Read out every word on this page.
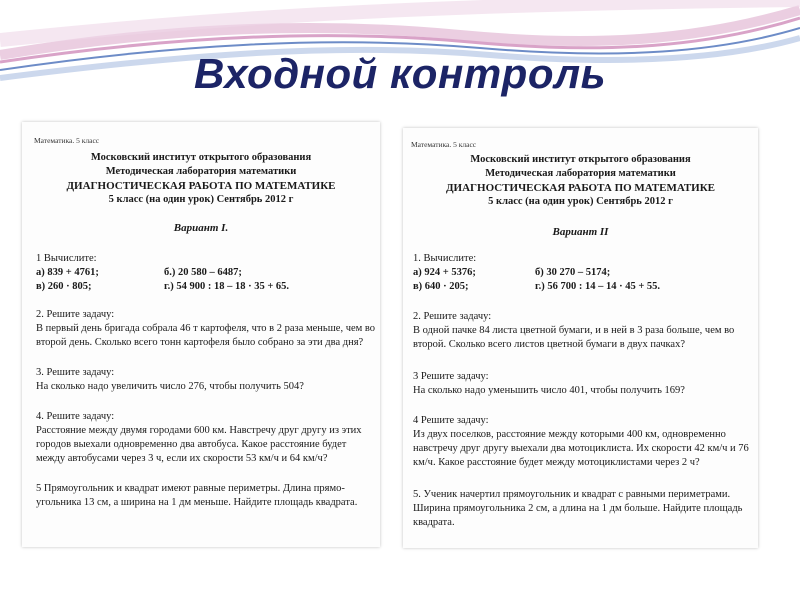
Входной контроль
Математика. 5 класс
Московский институт открытого образования
Методическая лаборатория математики
ДИАГНОСТИЧЕСКАЯ РАБОТА ПО МАТЕМАТИКЕ
5 класс (на один урок) Сентябрь 2012 г
Вариант I.
1 Вычислите:
а) 839 + 4761;	б.) 20 580 – 6487;
в) 260 · 805;	г.) 54 900 : 18 – 18 · 35 + 65.
2. Решите задачу:
В первый день бригада собрала 46 т картофеля, что в 2 раза меньше, чем во
второй день. Сколько всего тонн картофеля было собрано за эти два дня?
3. Решите задачу:
На сколько надо увеличить число 276, чтобы получить 504?
4. Решите задачу:
Расстояние между двумя городами 600 км. Навстречу друг другу из этих
городов выехали одновременно два автобуса. Какое расстояние будет
между автобусами через 3 ч, если их скорости 53 км/ч и 64 км/ч?
5 Прямоугольник и квадрат имеют равные периметры. Длина прямо-
угольника 13 см, а ширина на 1 дм меньше. Найдите площадь квадрата.
Математика. 5 класс
Московский институт открытого образования
Методическая лаборатория математики
ДИАГНОСТИЧЕСКАЯ РАБОТА ПО МАТЕМАТИКЕ
5 класс (на один урок) Сентябрь 2012 г
Вариант II
1. Вычислите:
а) 924 + 5376;	б) 30 270 – 5174;
в) 640 · 205;	г.) 56 700 : 14 – 14 · 45 + 55.
2. Решите задачу:
В одной пачке 84 листа цветной бумаги, и в ней в 3 раза больше, чем во
второй. Сколько всего листов цветной бумаги в двух пачках?
3 Решите задачу:
На сколько надо уменьшить число 401, чтобы получить 169?
4 Решите задачу:
Из двух поселков, расстояние между которыми 400 км, одновременно
навстречу друг другу выехали два мотоциклиста. Их скорости 42 км/ч и 76
км/ч. Какое расстояние будет между мотоциклистами через 2 ч?
5. Ученик начертил прямоугольник и квадрат с равными периметрами.
Ширина прямоугольника 2 см, а длина на 1 дм больше. Найдите площадь
квадрата.
